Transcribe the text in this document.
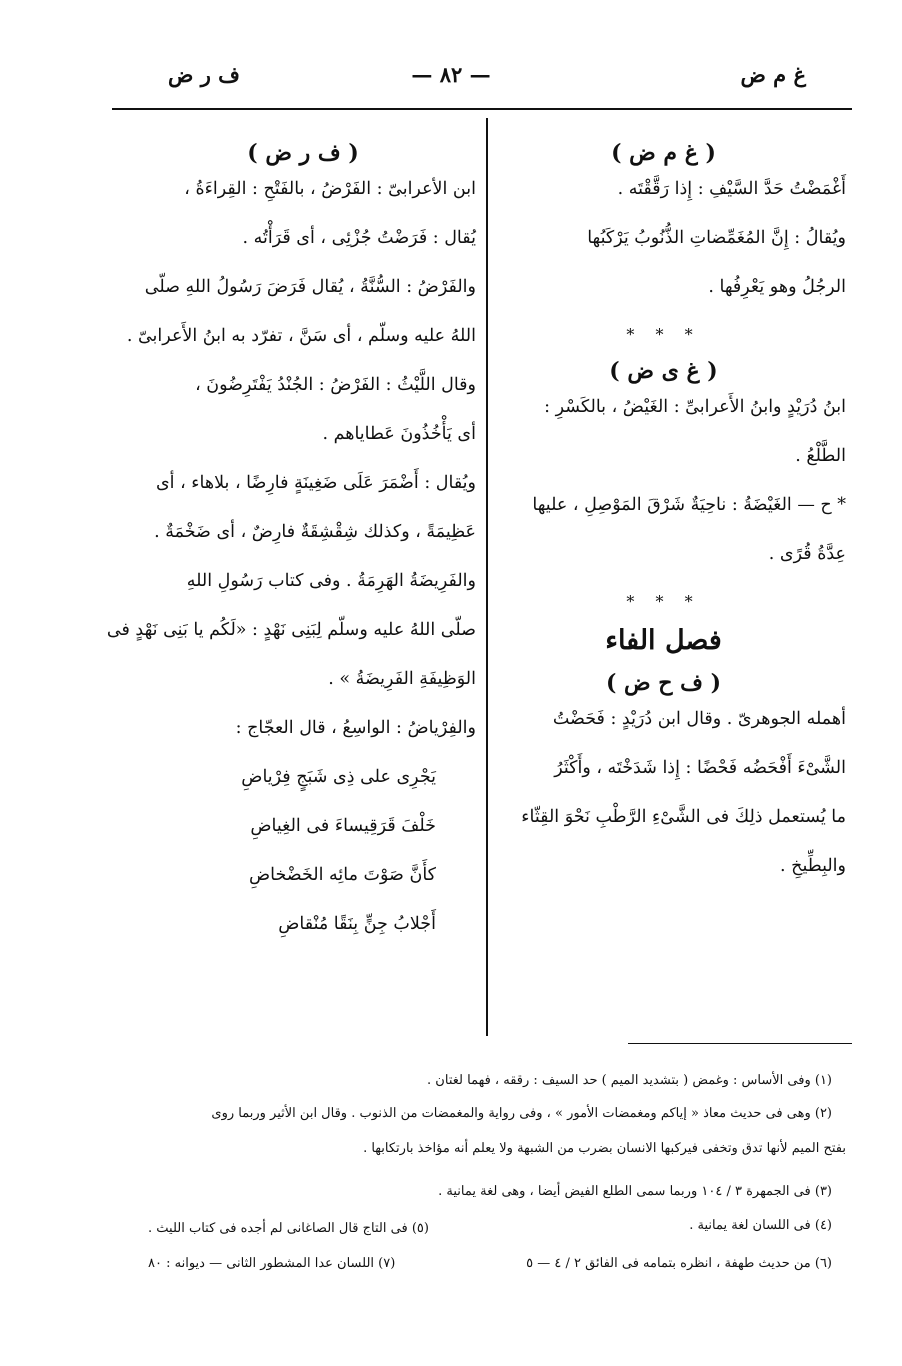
غ م ض
— ٨٢ —
ف ر ض
( غ م ض )
أَغْمَضْتُ حَدَّ السَّيْفِ : إِذا رَقَّقْتَه .
ويُقالُ : إِنَّ المُغَمِّضاتِ الذُّنُوبُ يَرْكَبُها
الرجُلُ وهو يَعْرِفُها .
* * *
( غ ى ض )
ابنُ دُرَيْدٍ وابنُ الأَعرابىِّ : الغَيْضُ ، بالكَسْرِ :
الطَّلْعُ .
* ح — الغَيْضَةُ : ناحِيَةٌ شَرْقَ المَوْصِلِ ، عليها
عِدَّةُ قُرًى .
* * *
فصل الفاء
( ف ح ض )
أهمله الجوهرىّ . وقال ابن دُرَيْدٍ : فَحَضْتُ
الشَّىْءَ أَفْحَضُه فَحْضًا : إِذا شَدَخْتَه ، وأَكْثَرُ
ما يُستعمل ذلِكَ فى الشَّىْءِ الرَّطْبِ نَحْوَ القِثّاء
والبِطِّيخِ .
( ف ر ض )
ابن الأعرابىّ : الفَرْضُ ، بالفَتْحِ : القِراءَةُ ،
يُقال : فَرَضْتُ جُزْئِى ، أى قَرَأْتُه .
والفَرْضُ : السُّنَّةُ ، يُقال فَرَضَ رَسُولُ اللهِ صلّى
اللهُ عليه وسلّم ، أى سَنَّ ، تفرّد به ابنُ الأَعرابىّ .
وقال اللَّيْثُ : الفَرْضُ : الجُنْدُ يَفْتَرِضُونَ ،
أى يَأْخُذُونَ عَطاياهم .
ويُقال : أَضْمَرَ عَلَى ضَغِينَةٍ فارِضًا ، بلاهاء ، أى
عَظِيمَةً ، وكذلك شِقْشِقَةٌ فارِضٌ ، أى ضَخْمَةٌ .
والفَرِيضَةُ الهَرِمَةُ . وفى كتاب رَسُولِ اللهِ
صلّى اللهُ عليه وسلّم لِبَنِى نَهْدٍ : «لَكُم يا بَنِى نَهْدٍ فى
الوَظِيفَةِ الفَرِيضَةُ » .
والفِرْياضُ : الواسِعُ ، قال العجّاج :
يَجْرِى على ذِى شَبَجٍ فِرْياضِ
خَلْفَ قَرَقِيساءَ فى الغِياضِ
كأَنَّ صَوْتَ مائِه الخَضْخاضِ
أَجْلابُ جِنٍّ بِنَقًا مُنْقاضِ
(١) وفى الأساس : وغمض ( بتشديد الميم ) حد السيف : رققه ، فهما لغتان .
(٢) وهى فى حديث معاذ « إياكم ومغمضات الأمور » ، وفى رواية والمغمضات من الذنوب . وقال ابن الأثير وربما روى
بفتح الميم لأنها تدق وتخفى فيركبها الانسان بضرب من الشبهة ولا يعلم أنه مؤاخذ بارتكابها .
(٣) فى الجمهرة ٣ / ١٠٤ وربما سمى الطلع الفيض أيضا ، وهى لغة يمانية .
(٤) فى اللسان لغة يمانية .
(٥) فى التاج قال الصاغانى لم أجده فى كتاب الليث .
(٦) من حديث طهفة ، انظره بتمامه فى الفائق ٢ / ٤ — ٥
(٧) اللسان عدا المشطور الثانى — ديوانه : ٨٠
